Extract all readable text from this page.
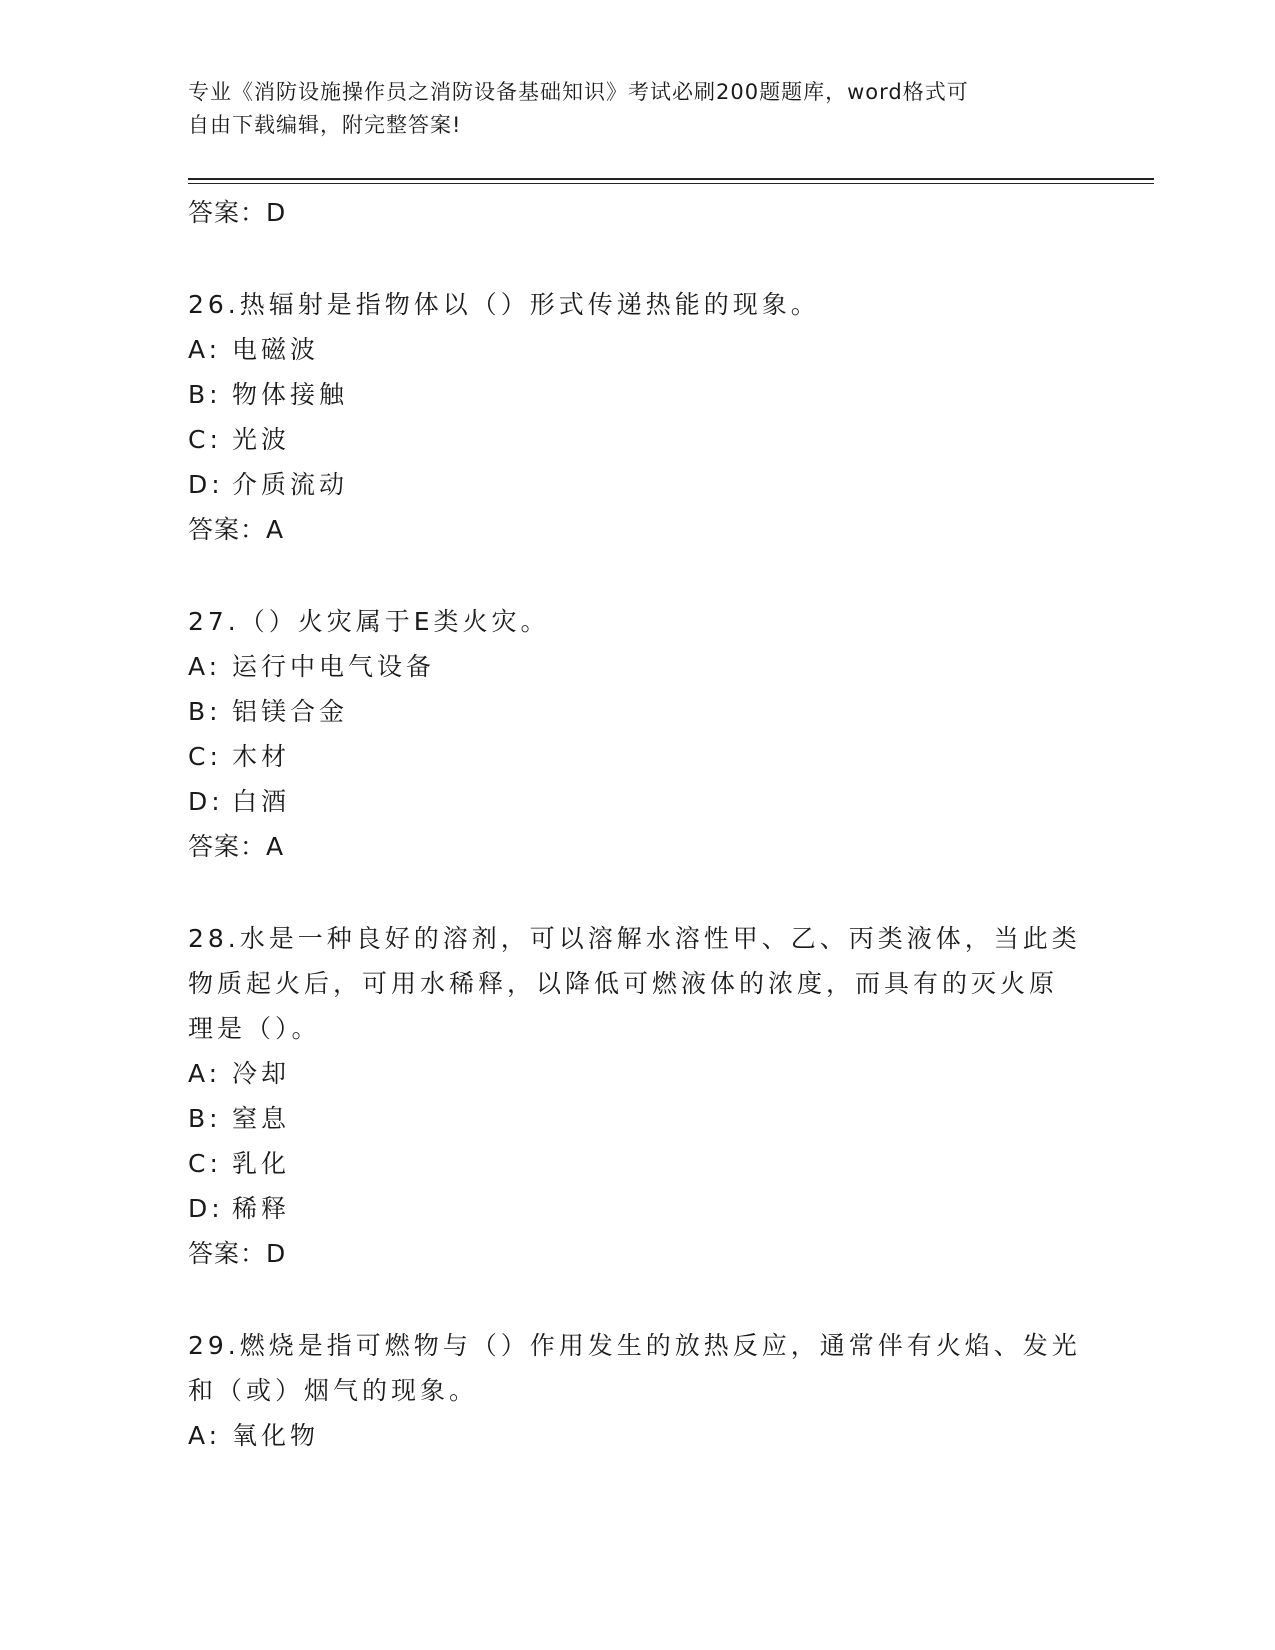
专业《消防设施操作员之消防设备基础知识》考试必刷200题题库，word格式可
自由下载编辑，附完整答案!
答案：D
26.热辐射是指物体以（）形式传递热能的现象。
A: 电磁波
B: 物体接触
C: 光波
D: 介质流动
答案：A
27.（）火灾属于E类火灾。
A: 运行中电气设备
B: 铝镁合金
C: 木材
D: 白酒
答案：A
28.水是一种良好的溶剂，可以溶解水溶性甲、乙、丙类液体，当此类
物质起火后，可用水稀释，以降低可燃液体的浓度，而具有的灭火原
理是（）。
A: 冷却
B: 窒息
C: 乳化
D: 稀释
答案：D
29.燃烧是指可燃物与（）作用发生的放热反应，通常伴有火焰、发光
和（或）烟气的现象。
A: 氧化物
